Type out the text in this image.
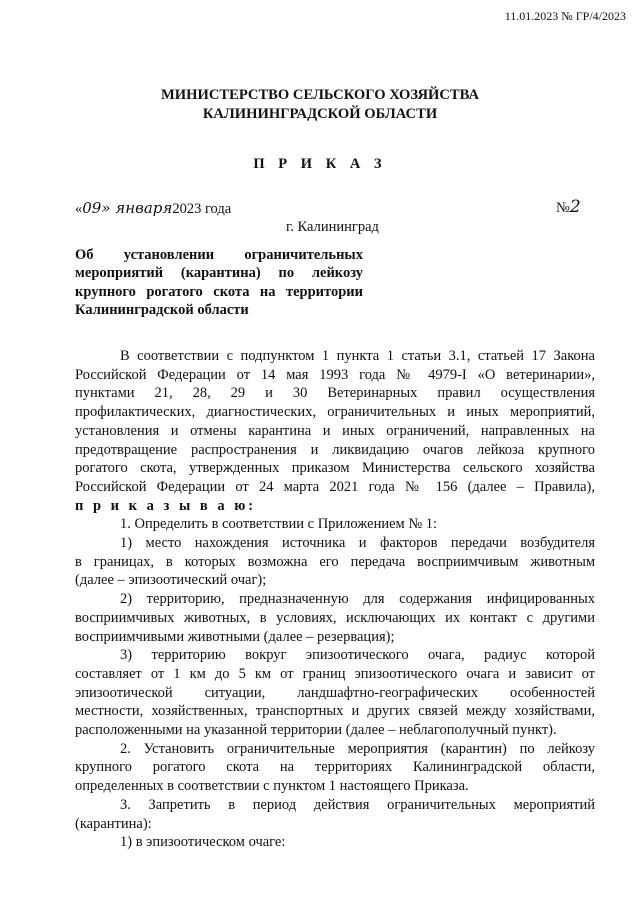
11.01.2023 № ГР/4/2023
МИНИСТЕРСТВО СЕЛЬСКОГО ХОЗЯЙСТВА
КАЛИНИНГРАДСКОЙ ОБЛАСТИ
П Р И К А З
«09» января2023 года	№2
г. Калининград
Об установлении ограничительных
мероприятий (карантина) по лейкозу
крупного рогатого скота на территории
Калининградской области
В соответствии с подпунктом 1 пункта 1 статьи 3.1, статьей 17 Закона
Российской Федерации от 14 мая 1993 года № 4979-I «О ветеринарии»,
пунктами 21, 28, 29 и 30 Ветеринарных правил осуществления
профилактических, диагностических, ограничительных и иных мероприятий,
установления и отмены карантина и иных ограничений, направленных на
предотвращение распространения и ликвидацию очагов лейкоза крупного
рогатого скота, утвержденных приказом Министерства сельского хозяйства
Российской Федерации от 24 марта 2021 года № 156 (далее – Правила),
п р и к а з ы в а ю:
1. Определить в соответствии с Приложением № 1:
1) место нахождения источника и факторов передачи возбудителя
в границах, в которых возможна его передача восприимчивым животным
(далее – эпизоотический очаг);
2) территорию, предназначенную для содержания инфицированных
восприимчивых животных, в условиях, исключающих их контакт с другими
восприимчивыми животными (далее – резервация);
3) территорию вокруг эпизоотического очага, радиус которой
составляет от 1 км до 5 км от границ эпизоотического очага и зависит от
эпизоотической ситуации, ландшафтно-географических особенностей
местности, хозяйственных, транспортных и других связей между хозяйствами,
расположенными на указанной территории (далее – неблагополучный пункт).
2. Установить ограничительные мероприятия (карантин) по лейкозу
крупного рогатого скота на территориях Калининградской области,
определенных в соответствии с пунктом 1 настоящего Приказа.
3. Запретить в период действия ограничительных мероприятий
(карантина):
1) в эпизоотическом очаге:
